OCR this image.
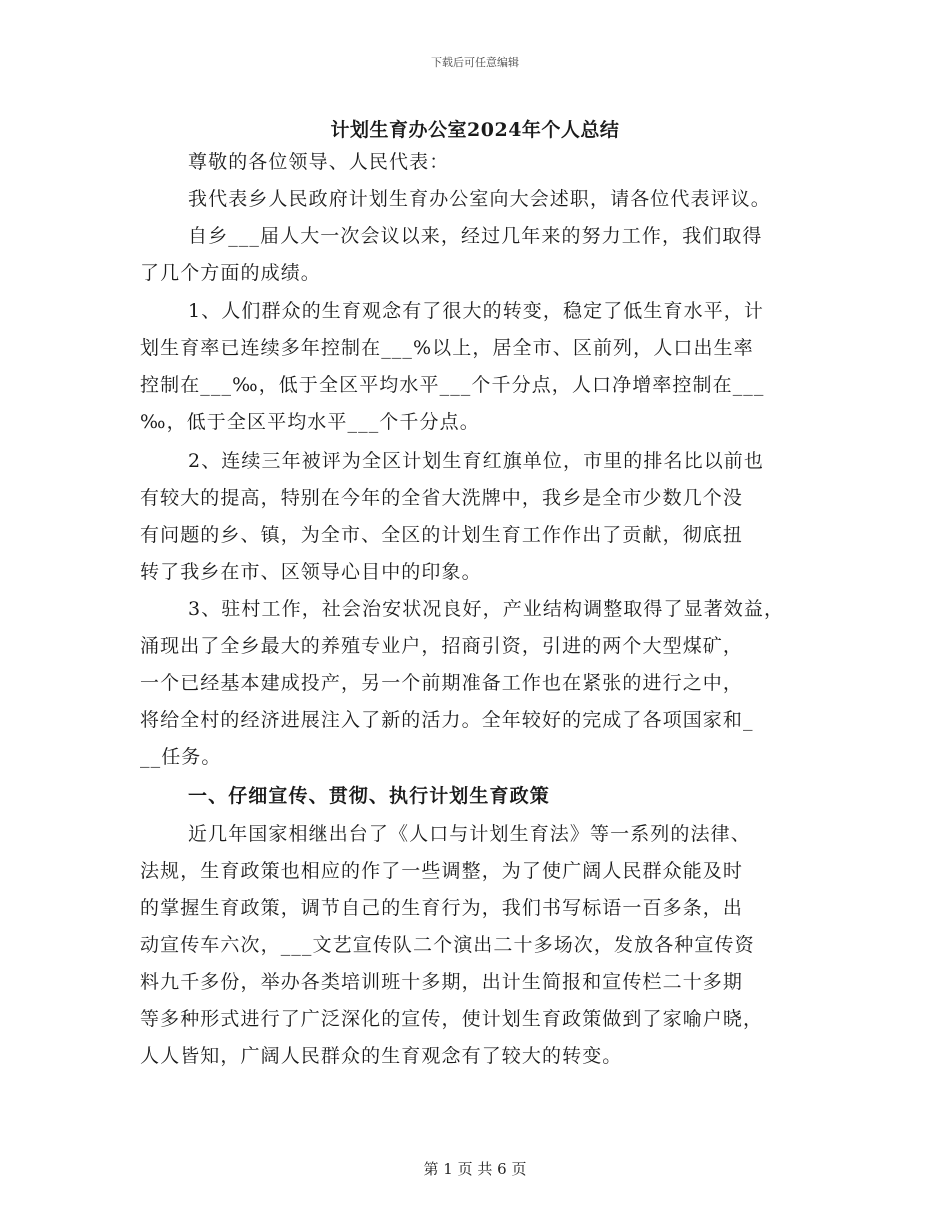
下载后可任意编辑
计划生育办公室2024年个人总结
尊敬的各位领导、人民代表：
我代表乡人民政府计划生育办公室向大会述职，请各位代表评议。
自乡___届人大一次会议以来，经过几年来的努力工作，我们取得
了几个方面的成绩。
1、人们群众的生育观念有了很大的转变，稳定了低生育水平，计
划生育率已连续多年控制在___%以上，居全市、区前列，人口出生率
控制在___‰，低于全区平均水平___个千分点，人口净增率控制在___
‰，低于全区平均水平___个千分点。
2、连续三年被评为全区计划生育红旗单位，市里的排名比以前也
有较大的提高，特别在今年的全省大洗牌中，我乡是全市少数几个没
有问题的乡、镇，为全市、全区的计划生育工作作出了贡献，彻底扭
转了我乡在市、区领导心目中的印象。
3、驻村工作，社会治安状况良好，产业结构调整取得了显著效益，
涌现出了全乡最大的养殖专业户，招商引资，引进的两个大型煤矿，
一个已经基本建成投产，另一个前期准备工作也在紧张的进行之中，
将给全村的经济进展注入了新的活力。全年较好的完成了各项国家和_
__任务。
一、仔细宣传、贯彻、执行计划生育政策
近几年国家相继出台了《人口与计划生育法》等一系列的法律、
法规，生育政策也相应的作了一些调整，为了使广阔人民群众能及时
的掌握生育政策，调节自己的生育行为，我们书写标语一百多条，出
动宣传车六次，___文艺宣传队二个演出二十多场次，发放各种宣传资
料九千多份，举办各类培训班十多期，出计生简报和宣传栏二十多期
等多种形式进行了广泛深化的宣传，使计划生育政策做到了家喻户晓，
人人皆知，广阔人民群众的生育观念有了较大的转变。
第 1 页 共 6 页
